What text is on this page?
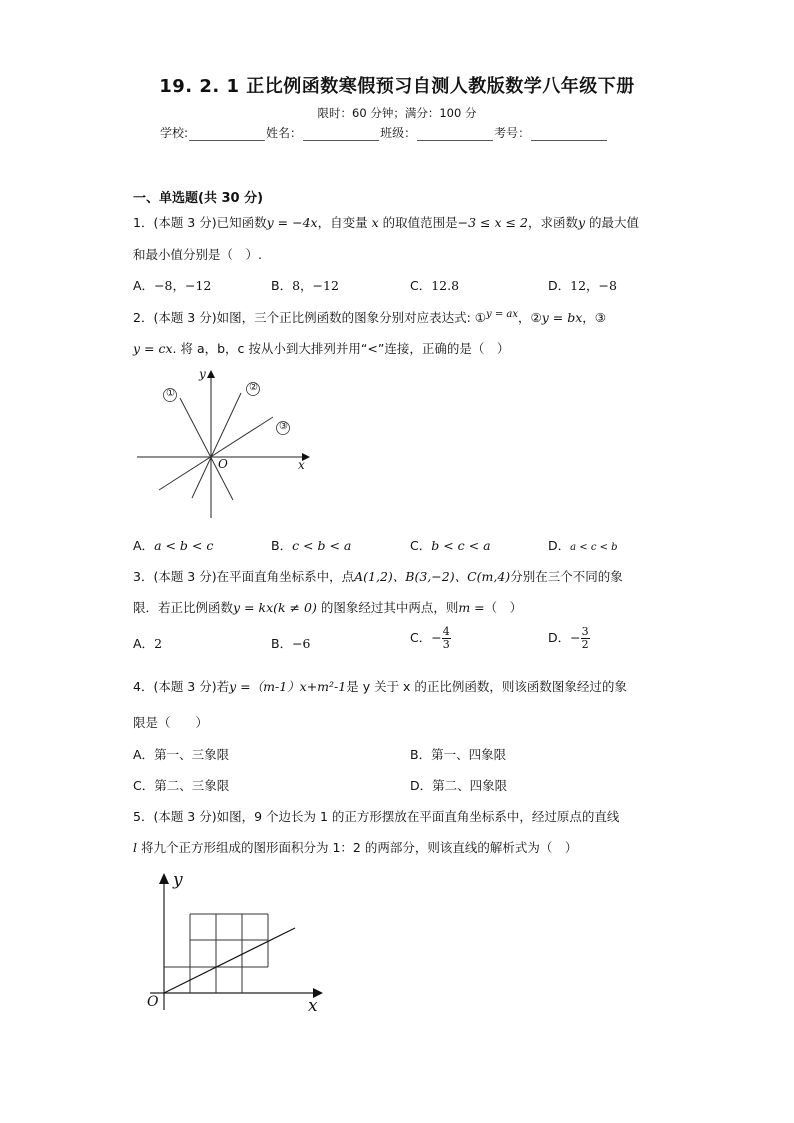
19. 2. 1 正比例函数寒假预习自测人教版数学八年级下册
限时：60 分钟；满分：100 分
学校:	姓名：	班级：	考号：
一、单选题(共 30 分)
1．(本题 3 分)已知函数y = −4x，自变量 x 的取值范围是−3 ≤ x ≤ 2，求函数y 的最大值
和最小值分别是（　）.
A．−8，−12	B．8，−12	C．12.8	D．12，−8
2．(本题 3 分)如图，三个正比例函数的图象分别对应表达式: ①$^{y = ax}$，②y = bx，③
y = cx. 将 a，b，c 按从小到大排列并用“<”连接，正确的是（　）
①
②
③
y
x
O
A．a < b < c	B．c < b < a	C．b < c < a	D．a < c < b
3．(本题 3 分)在平面直角坐标系中，点A(1,2)、B(3,−2)、C(m,4)分别在三个不同的象
限．若正比例函数y = kx(k ≠ 0) 的图象经过其中两点，则m =（　）
A．2	B．−6	C．− $\frac{4}{3}$	D．− $\frac{3}{2}$
4．(本题 3 分)若y =（m-1）x+m²-1是 y 关于 x 的正比例函数，则该函数图象经过的象
限是（　　）
A．第一、三象限	B．第一、四象限
C．第二、三象限	D．第二、四象限
5．(本题 3 分)如图，9 个边长为 1 的正方形摆放在平面直角坐标系中，经过原点的直线
l 将九个正方形组成的图形面积分为 1：2 的两部分，则该直线的解析式为（　）
y
x
O
